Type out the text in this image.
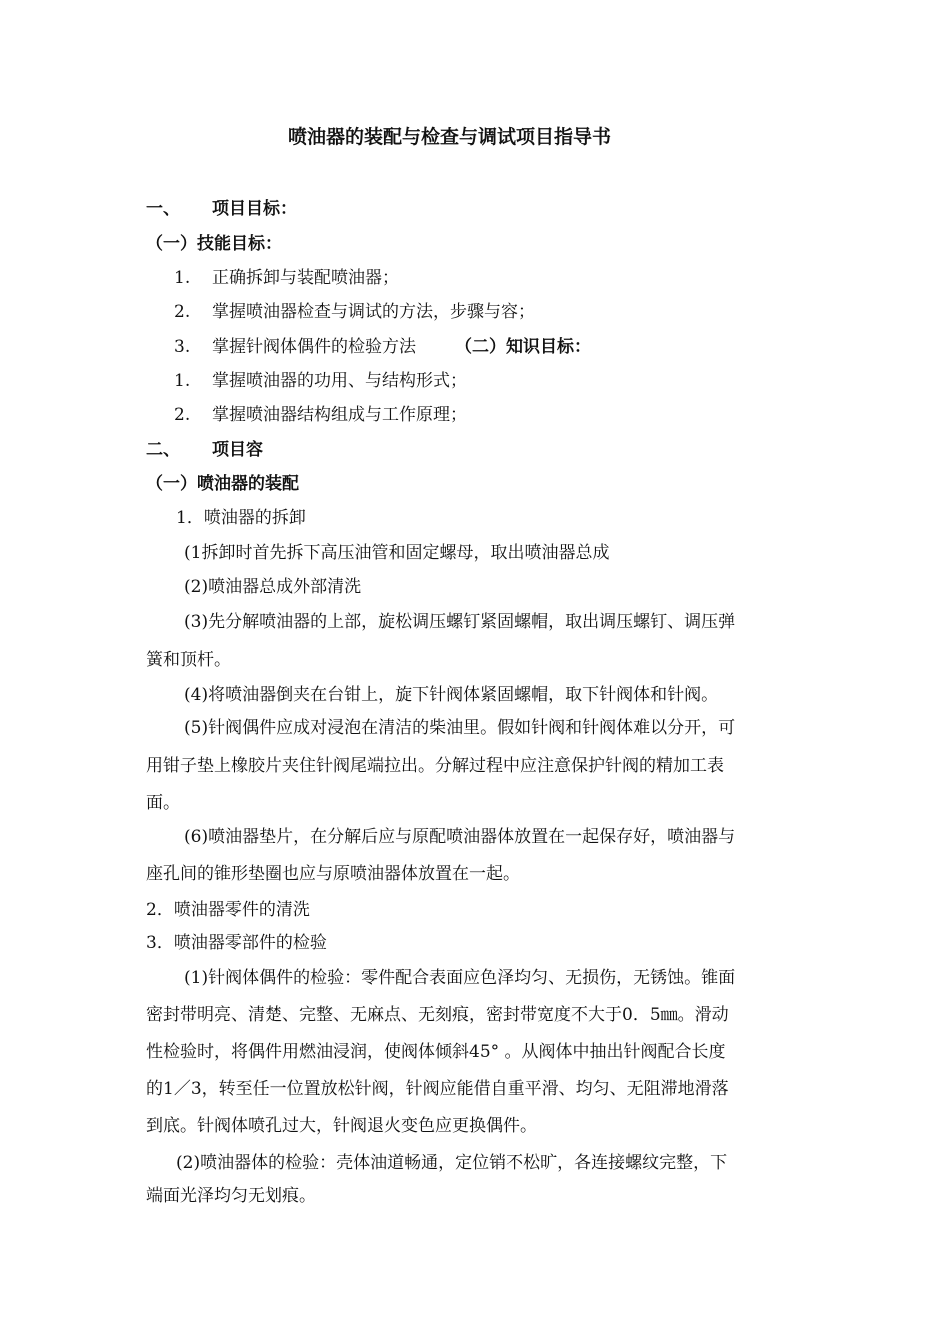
喷油器的装配与检查与调试项目指导书
一、 项目目标：
（一）技能目标：
1. 正确拆卸与装配喷油器；
2. 掌握喷油器检查与调试的方法，步骤与容；
3. 掌握针阀体偶件的检验方法 （二）知识目标：
1. 掌握喷油器的功用、与结构形式；
2. 掌握喷油器结构组成与工作原理；
二、 项目容
（一）喷油器的装配
1．喷油器的拆卸
(1拆卸时首先拆下高压油管和固定螺母，取出喷油器总成
(2)喷油器总成外部清洗
(3)先分解喷油器的上部，旋松调压螺钉紧固螺帽，取出调压螺钉、调压弹
簧和顶杆。
(4)将喷油器倒夹在台钳上，旋下针阀体紧固螺帽，取下针阀体和针阀。
(5)针阀偶件应成对浸泡在清洁的柴油里。假如针阀和针阀体难以分开，可
用钳子垫上橡胶片夹住针阀尾端拉出。分解过程中应注意保护针阀的精加工表
面。
(6)喷油器垫片，在分解后应与原配喷油器体放置在一起保存好，喷油器与
座孔间的锥形垫圈也应与原喷油器体放置在一起。
2．喷油器零件的清洗
3．喷油器零部件的检验
(1)针阀体偶件的检验：零件配合表面应色泽均匀、无损伤，无锈蚀。锥面
密封带明亮、清楚、完整、无麻点、无刻痕，密封带宽度不大于0．5㎜。滑动
性检验时，将偶件用燃油浸润，使阀体倾斜45° 。从阀体中抽出针阀配合长度
的1／3，转至任一位置放松针阀，针阀应能借自重平滑、均匀、无阻滞地滑落
到底。针阀体喷孔过大，针阀退火变色应更换偶件。
(2)喷油器体的检验：壳体油道畅通，定位销不松旷，各连接螺纹完整，下
端面光泽均匀无划痕。
